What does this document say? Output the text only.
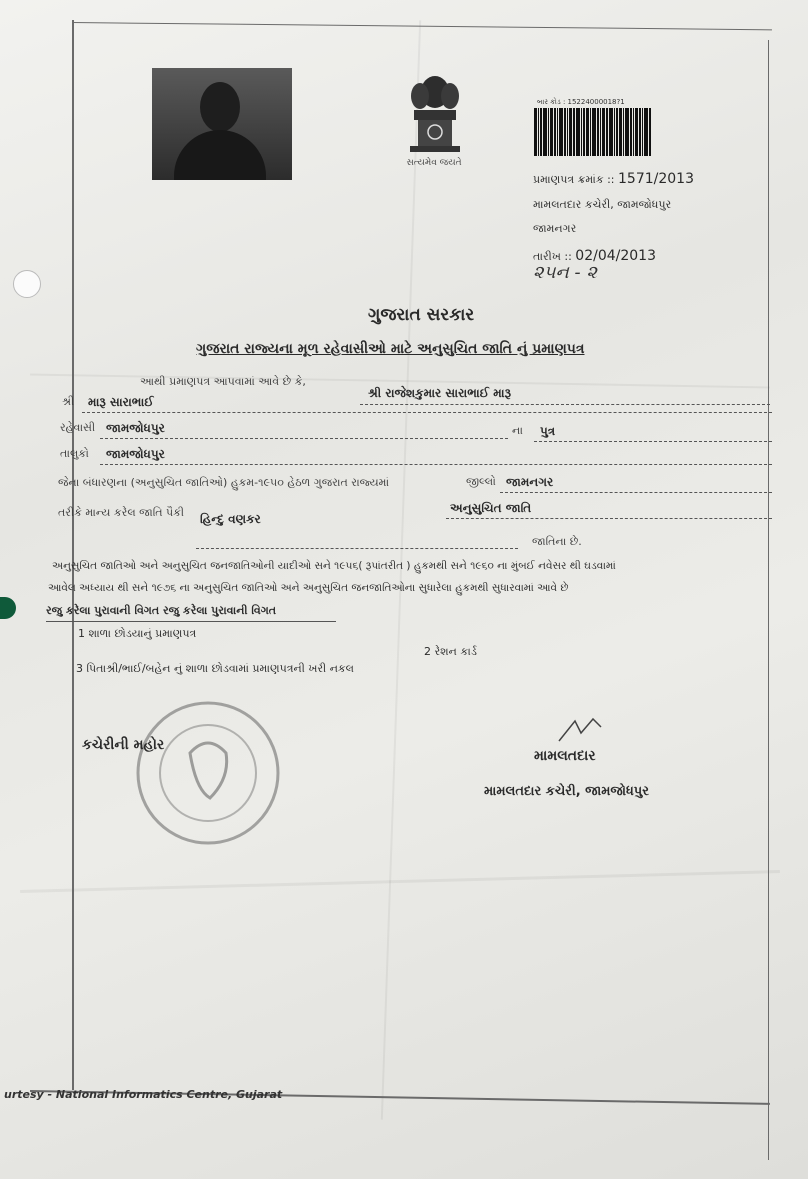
સત્યમેવ જયતે
બાર કોડ : 15224000018?1
પ્રમાણપત્ર ક્રમાંક :: 1571/2013
મામલતદાર કચેરી, જામજોધપુર
જામનગર
તારીખ :: 02/04/2013
૨૫ન - ૨
ગુજરાત સરકાર
ગુજરાત રાજ્યના મૂળ રહેવાસીઓ માટે અનુસુચિત જાતિ નું પ્રમાણપત્ર
આથી પ્રમાણપત્ર આપવામાં આવે છે કે,
શ્રી રાજેશકુમાર સારાભાઈ મારૂ
શ્રી મારૂ સારાભાઈ
રહેવાસી જામજોધપુર	ના પુત્ર
તાલુકો જામજોધપુર
જેના બંધારણના (અનુસુચિત જાતિઓ) હુકમ-૧૯૫૦ હેઠળ ગુજરાત રાજ્યમાં	જીલ્લો જામનગર
અનુસુચિત જાતિ
તરીકે માન્ય કરેલ જાતિ પૈકી હિન્દુ વણકર
જાતિના છે.
અનુસુચિત જાતિઓ અને અનુસુચિત જનજાતિઓની યાદીઓ સને ૧૯૫૬( રૂપાંતરીત ) હુકમથી સને ૧૯૬૦ ના મુંબઈ નવેસર થી ઘડવામાં
આવેલ અધ્યાય થી સને ૧૯૭૬ ના અનુસુચિત જાતિઓ અને અનુસુચિત જનજાતિઓના સુધારેલા હુકમથી સુધારવામાં આવે છે
રજુ કરેલા પુરાવાની વિગત રજુ કરેલા પુરાવાની વિગત
1 શાળા છોડયાનું પ્રમાણપત્ર
2 રેશન કાર્ડ
3 પિતાશ્રી/ભાઈ/બહેન નું શાળા છોડવામાં પ્રમાણપત્રની ખરી નકલ
કચેરીની મહોર
મામલતદાર
મામલતદાર કચેરી, જામજોધપુર
urtesy - National Informatics Centre, Gujarat
